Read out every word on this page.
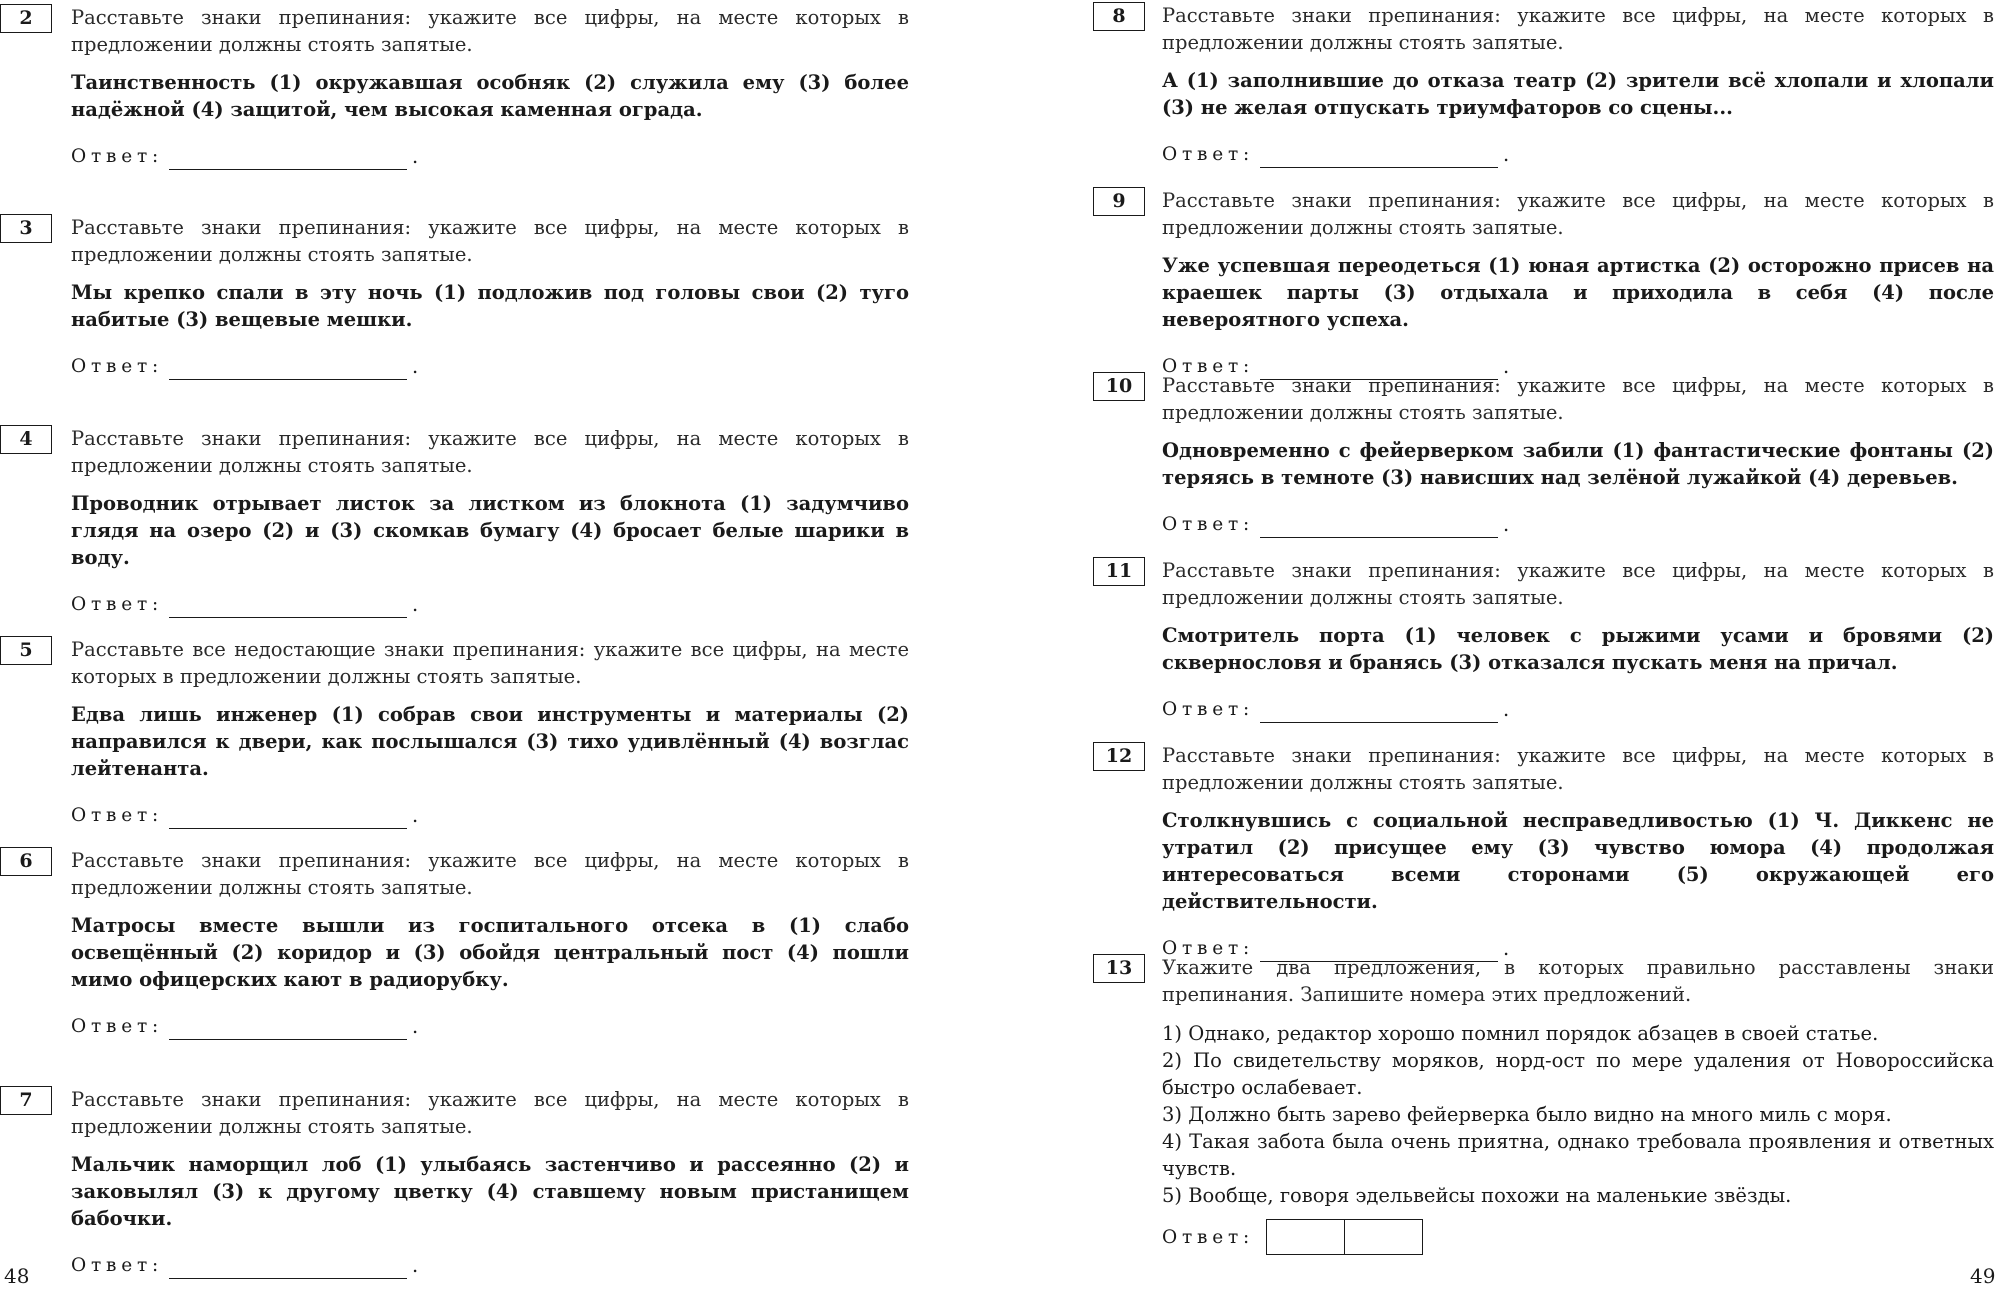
2	Расставьте знаки препинания: укажите все цифры, на месте которых в предложении должны стоять запятые.

Таинственность (1) окружавшая особняк (2) служила ему (3) более надёжной (4) защитой, чем высокая каменная ограда.

Ответ:	.
3	Расставьте знаки препинания: укажите все цифры, на месте которых в предложении должны стоять запятые.

Мы крепко спали в эту ночь (1) подложив под головы свои (2) туго набитые (3) вещевые мешки.

Ответ:	.
4	Расставьте знаки препинания: укажите все цифры, на месте которых в предложении должны стоять запятые.

Проводник отрывает листок за листком из блокнота (1) задумчиво глядя на озеро (2) и (3) скомкав бумагу (4) бросает белые шарики в воду.

Ответ:	.
5	Расставьте все недостающие знаки препинания: укажите все цифры, на месте которых в предложении должны стоять запятые.

Едва лишь инженер (1) собрав свои инструменты и материалы (2) направился к двери, как послышался (3) тихо удивлённый (4) возглас лейтенанта.

Ответ:	.
6	Расставьте знаки препинания: укажите все цифры, на месте которых в предложении должны стоять запятые.

Матросы вместе вышли из госпитального отсека в (1) слабо освещённый (2) коридор и (3) обойдя центральный пост (4) пошли мимо офицерских кают в радиорубку.

Ответ:	.
7	Расставьте знаки препинания: укажите все цифры, на месте которых в предложении должны стоять запятые.

Мальчик наморщил лоб (1) улыбаясь застенчиво и рассеянно (2) и заковылял (3) к другому цветку (4) ставшему новым пристанищем бабочки.

Ответ:	.
48
8	Расставьте знаки препинания: укажите все цифры, на месте которых в предложении должны стоять запятые.

А (1) заполнившие до отказа театр (2) зрители всё хлопали и хлопали (3) не желая отпускать триумфаторов со сцены...

Ответ:	.
9	Расставьте знаки препинания: укажите все цифры, на месте которых в предложении должны стоять запятые.

Уже успевшая переодеться (1) юная артистка (2) осторожно присев на краешек парты (3) отдыхала и приходила в себя (4) после невероятного успеха.

Ответ:	.
10	Расставьте знаки препинания: укажите все цифры, на месте которых в предложении должны стоять запятые.

Одновременно с фейерверком забили (1) фантастические фонтаны (2) теряясь в темноте (3) нависших над зелёной лужайкой (4) деревьев.

Ответ:	.
11	Расставьте знаки препинания: укажите все цифры, на месте которых в предложении должны стоять запятые.

Смотритель порта (1) человек с рыжими усами и бровями (2) сквернословя и бранясь (3) отказался пускать меня на причал.

Ответ:	.
12	Расставьте знаки препинания: укажите все цифры, на месте которых в предложении должны стоять запятые.

Столкнувшись с социальной несправедливостью (1) Ч. Диккенс не утратил (2) присущее ему (3) чувство юмора (4) продолжая интересоваться всеми сторонами (5) окружающей его действительности.

Ответ:	.
13	Укажите два предложения, в которых правильно расставлены знаки препинания. Запишите номера этих предложений.

1) Однако, редактор хорошо помнил порядок абзацев в своей статье.
2) По свидетельству моряков, норд-ост по мере удаления от Новороссийска быстро ослабевает.
3) Должно быть зарево фейерверка было видно на много миль с моря.
4) Такая забота была очень приятна, однако требовала проявления и ответных чувств.
5) Вообще, говоря эдельвейсы похожи на маленькие звёзды.
Ответ:
49
